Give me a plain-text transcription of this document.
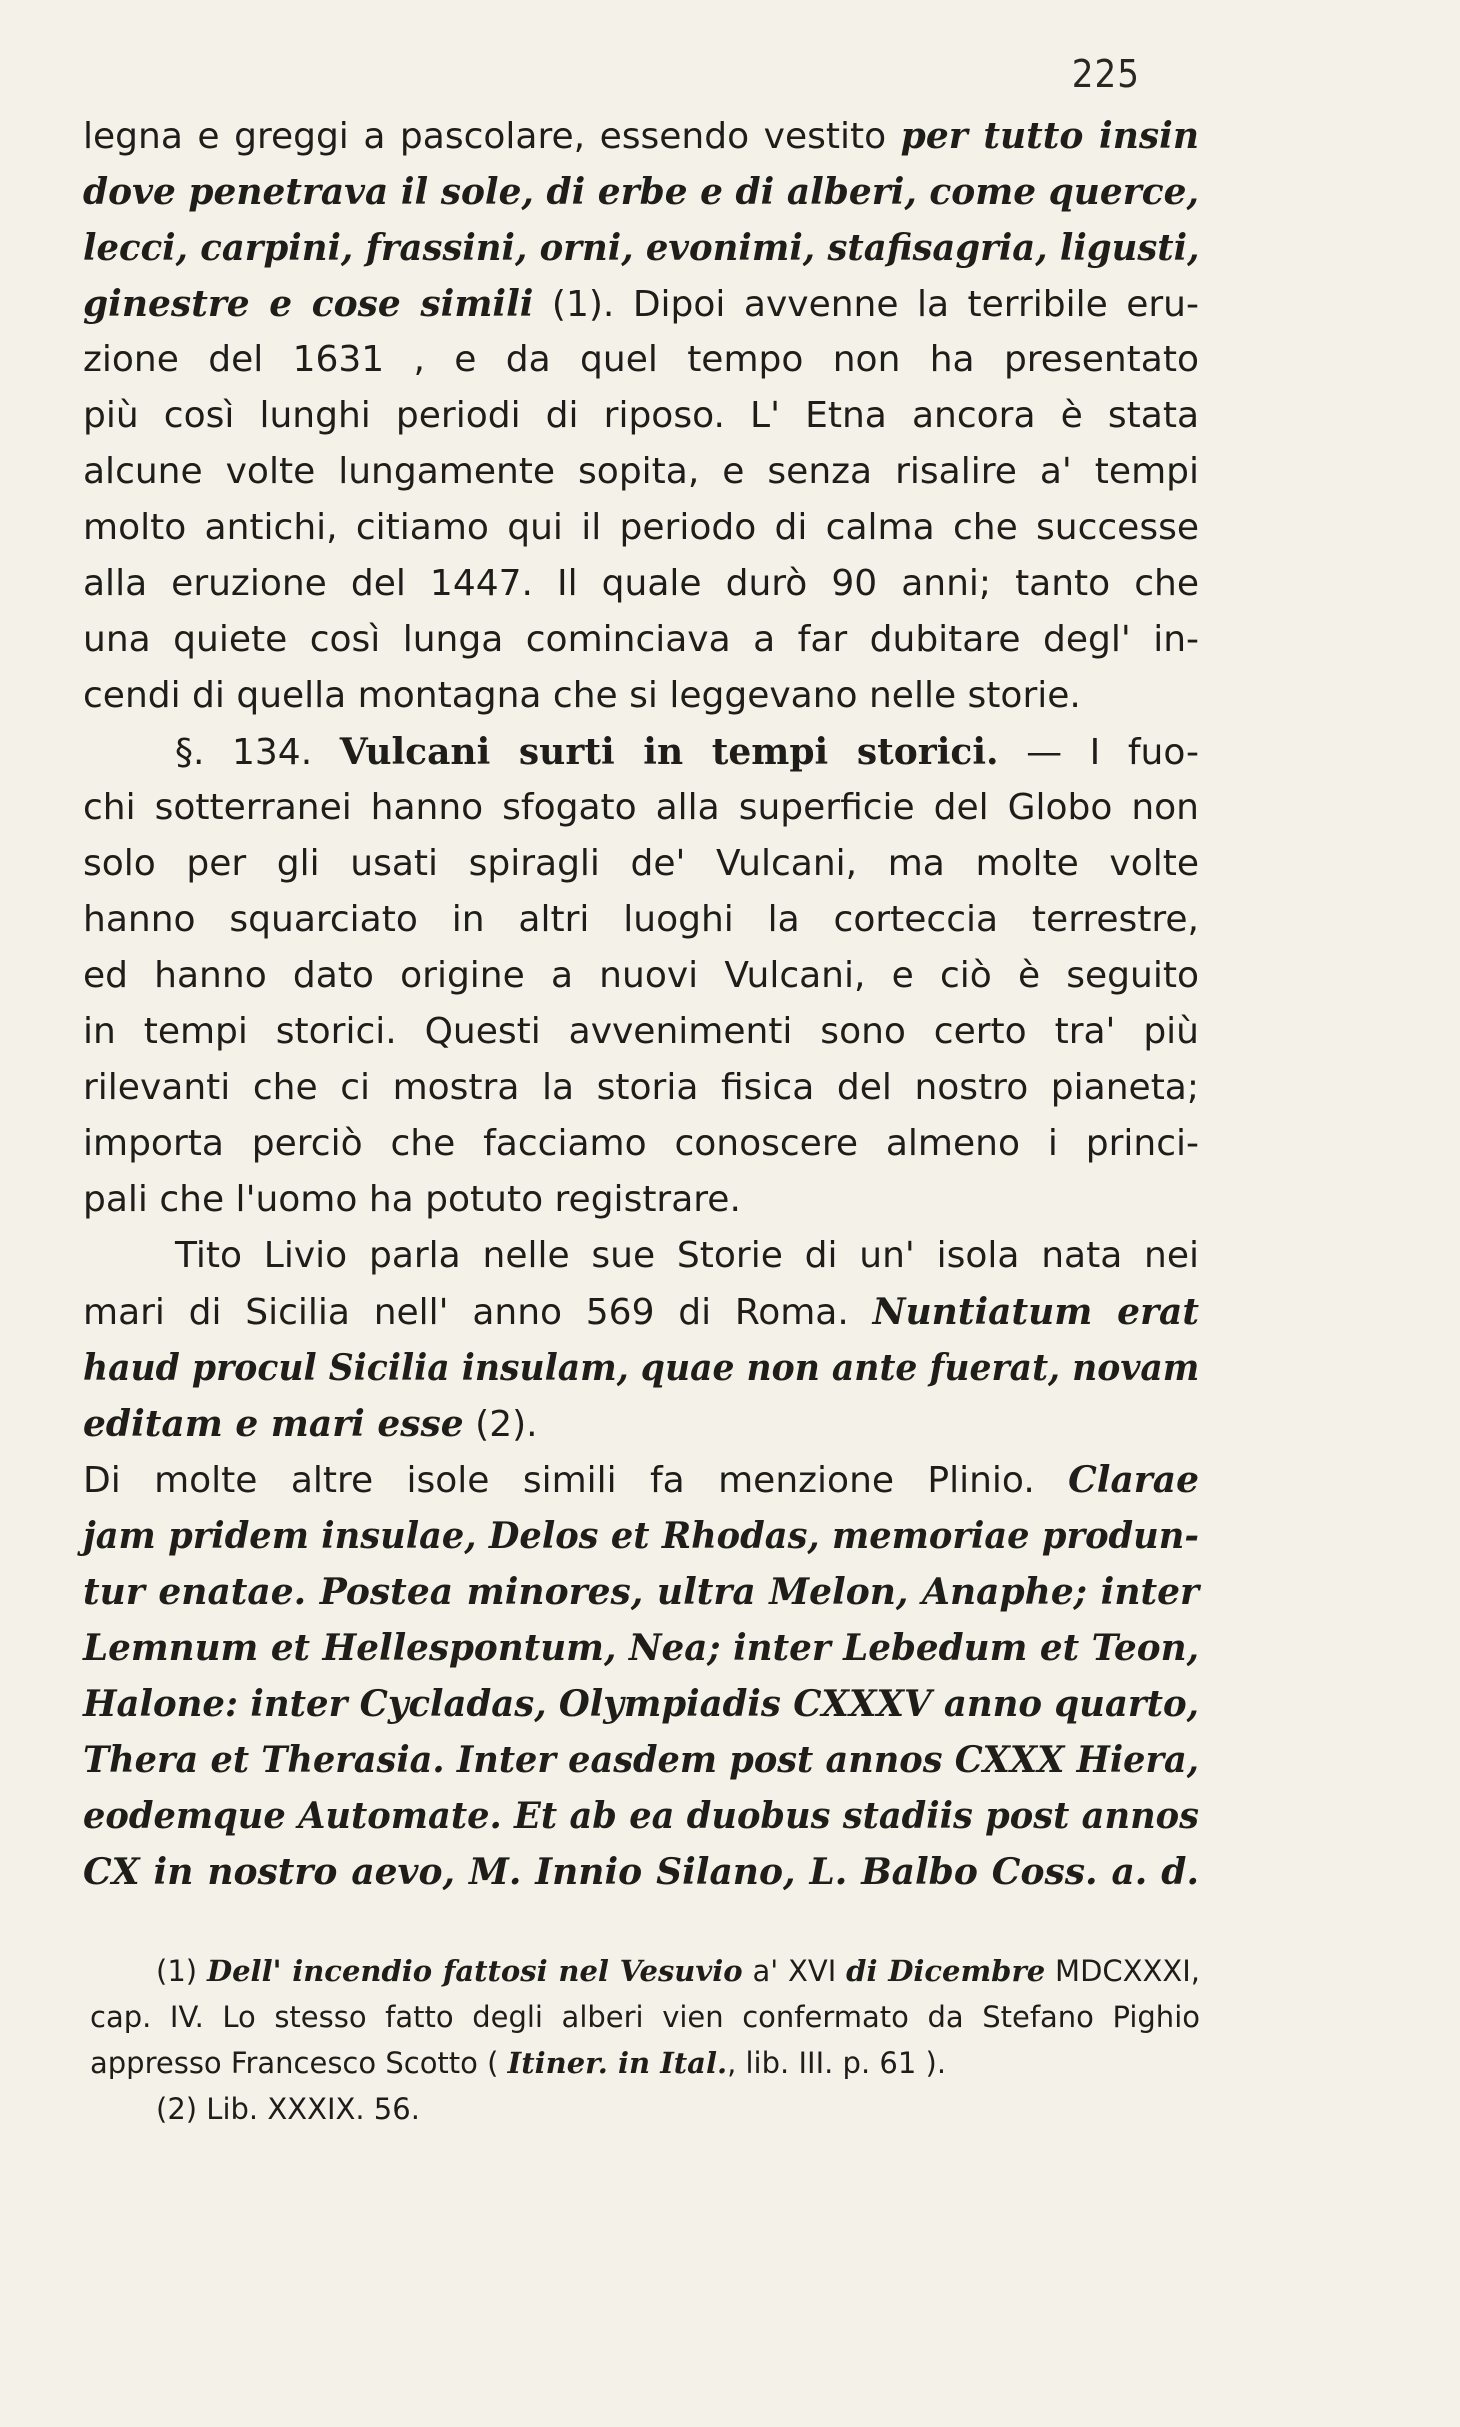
225
legna e greggi a pascolare, essendo vestito per tutto insin
dove penetrava il sole, di erbe e di alberi, come querce,
lecci, carpini, frassini, orni, evonimi, stafisagria, ligusti,
ginestre e cose simili (1). Dipoi avvenne la terribile eru-
zione del 1631 , e da quel tempo non ha presentato
più così lunghi periodi di riposo. L' Etna ancora è stata
alcune volte lungamente sopita, e senza risalire a' tempi
molto antichi, citiamo qui il periodo di calma che successe
alla eruzione del 1447. Il quale durò 90 anni; tanto che
una quiete così lunga cominciava a far dubitare degl' in-
cendi di quella montagna che si leggevano nelle storie.
§. 134. Vulcani surti in tempi storici. — I fuo-
chi sotterranei hanno sfogato alla superficie del Globo non
solo per gli usati spiragli de' Vulcani, ma molte volte
hanno squarciato in altri luoghi la corteccia terrestre,
ed hanno dato origine a nuovi Vulcani, e ciò è seguito
in tempi storici. Questi avvenimenti sono certo tra' più
rilevanti che ci mostra la storia fisica del nostro pianeta;
importa perciò che facciamo conoscere almeno i princi-
pali che l'uomo ha potuto registrare.
Tito Livio parla nelle sue Storie di un' isola nata nei
mari di Sicilia nell' anno 569 di Roma. Nuntiatum erat
haud procul Sicilia insulam, quae non ante fuerat, novam
editam e mari esse (2).
Di molte altre isole simili fa menzione Plinio. Clarae
jam pridem insulae, Delos et Rhodas, memoriae produn-
tur enatae. Postea minores, ultra Melon, Anaphe; inter
Lemnum et Hellespontum, Nea; inter Lebedum et Teon,
Halone: inter Cycladas, Olympiadis CXXXV anno quarto,
Thera et Therasia. Inter easdem post annos CXXX Hiera,
eodemque Automate. Et ab ea duobus stadiis post annos
CX in nostro aevo, M. Innio Silano, L. Balbo Coss. a. d.
(1) Dell' incendio fattosi nel Vesuvio a' XVI di Dicembre MDCXXXI,
cap. IV. Lo stesso fatto degli alberi vien confermato da Stefano Pighio
appresso Francesco Scotto ( Itiner. in Ital., lib. III. p. 61 ).
(2) Lib. XXXIX. 56.
